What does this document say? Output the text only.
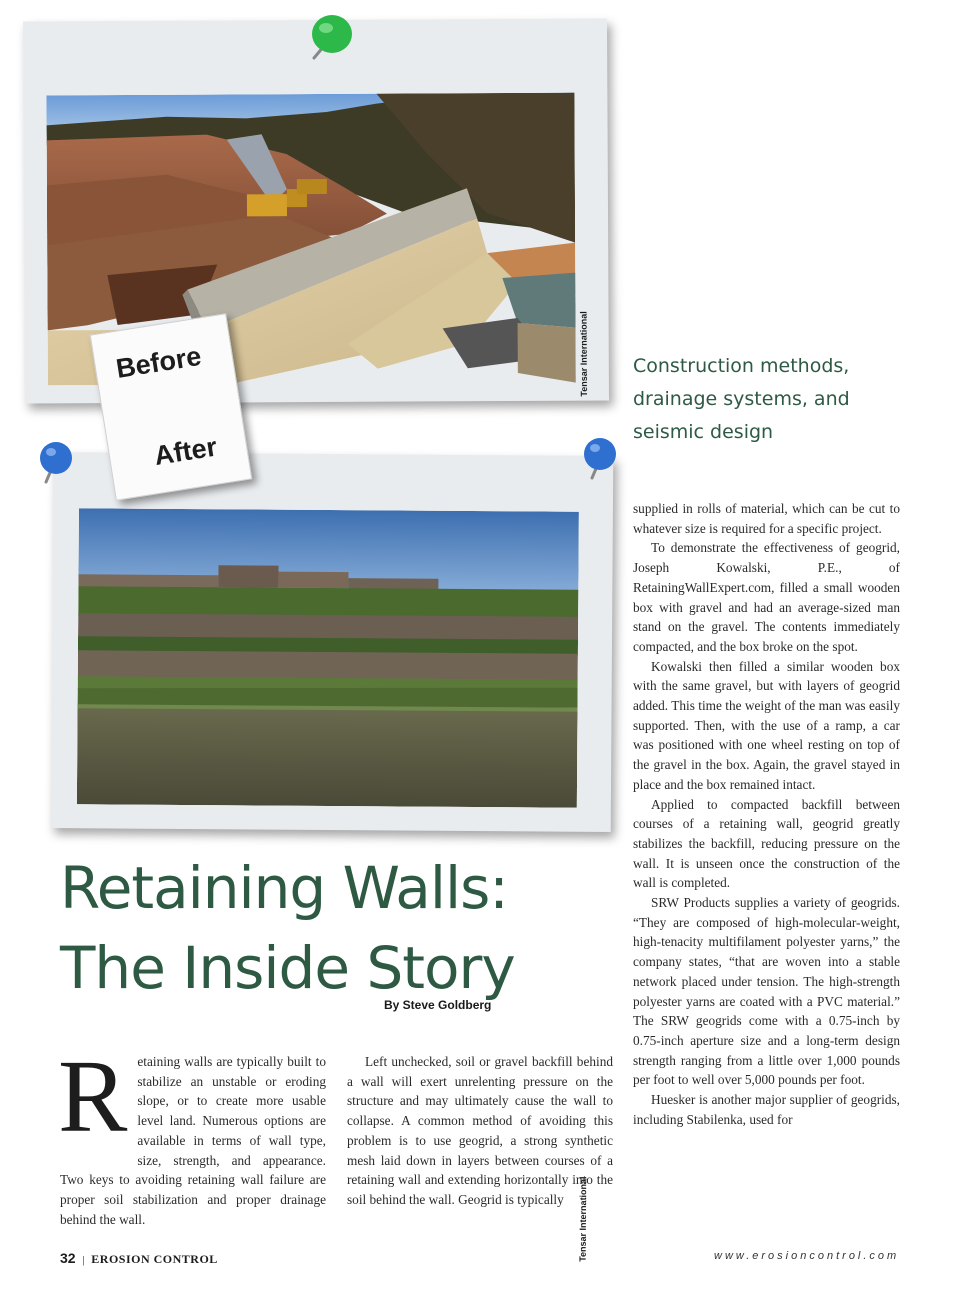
Tensar International
Tensar International
Before
After
Construction methods,
drainage systems, and
seismic design
Retaining Walls:
The Inside Story
By Steve Goldberg
R etaining walls are typically built to stabilize an unstable or eroding slope, or to create more usable level land. Numerous options are available in terms of wall type, size, strength, and appearance. Two keys to avoiding retaining wall failure are proper soil stabilization and proper drainage behind the wall.

Left unchecked, soil or gravel backfill behind a wall will exert unrelenting pressure on the structure and may ultimately cause the wall to collapse. A common method of avoiding this problem is to use geogrid, a strong synthetic mesh laid down in layers between courses of a retaining wall and extending horizontally into the soil behind the wall. Geogrid is typically

supplied in rolls of material, which can be cut to whatever size is required for a specific project.

To demonstrate the effectiveness of geogrid, Joseph Kowalski, P.E., of RetainingWallExpert.com, filled a small wooden box with gravel and had an average-sized man stand on the gravel. The contents immediately compacted, and the box broke on the spot.

Kowalski then filled a similar wooden box with the same gravel, but with layers of geogrid added. This time the weight of the man was easily supported. Then, with the use of a ramp, a car was positioned with one wheel resting on top of the gravel in the box. Again, the gravel stayed in place and the box remained intact.

Applied to compacted backfill between courses of a retaining wall, geogrid greatly stabilizes the backfill, reducing pressure on the wall. It is unseen once the construction of the wall is completed.

SRW Products supplies a variety of geogrids. “They are composed of high-molecular-weight, high-tenacity multifilament polyester yarns,” the company states, “that are woven into a stable network placed under tension. The high-strength polyester yarns are coated with a PVC material.” The SRW geogrids come with a 0.75-inch by 0.75-inch aperture size and a long-term design strength ranging from a little over 1,000 pounds per foot to well over 5,000 pounds per foot.

Huesker is another major supplier of geogrids, including Stabilenka, used for

32 | EROSION CONTROL	www.erosioncontrol.com
